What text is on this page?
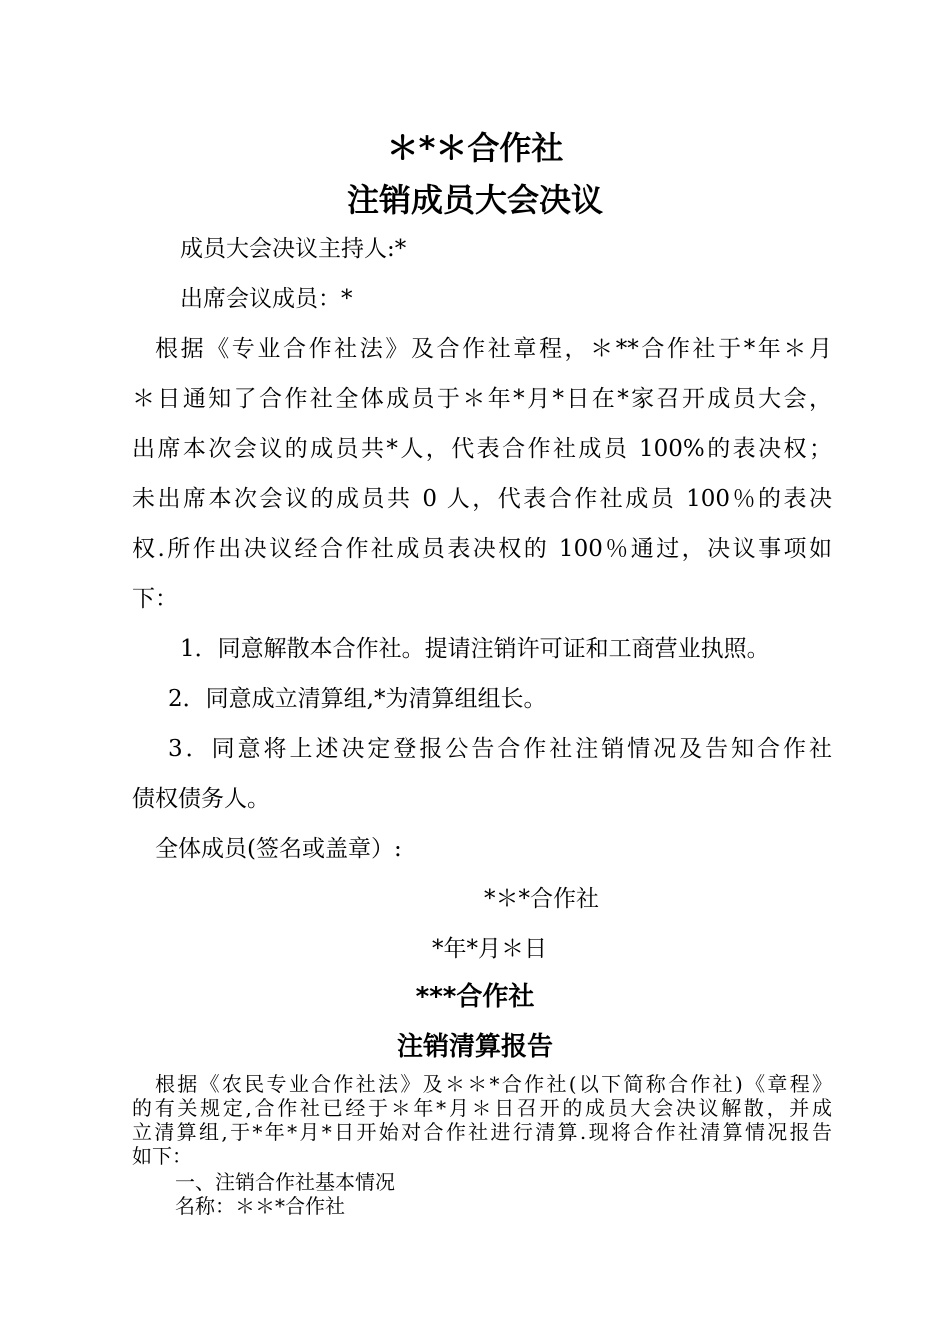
＊*＊合作社
注销成员大会决议
成员大会决议主持人:*
出席会议成员：*
根据《专业合作社法》及合作社章程，＊**合作社于*年＊月
＊日通知了合作社全体成员于＊年*月*日在*家召开成员大会，
出席本次会议的成员共*人，代表合作社成员 100%的表决权；
未出席本次会议的成员共 0 人，代表合作社成员 100％的表决
权.所作出决议经合作社成员表决权的 100％通过，决议事项如
下：
1．同意解散本合作社。提请注销许可证和工商营业执照。
2．同意成立清算组,*为清算组组长。
3．同意将上述决定登报公告合作社注销情况及告知合作社
债权债务人。
全体成员(签名或盖章）:
*＊*合作社
*年*月＊日
***合作社
注销清算报告
根据《农民专业合作社法》及＊＊*合作社(以下简称合作社)《章程》
的有关规定,合作社已经于＊年*月＊日召开的成员大会决议解散，并成
立清算组,于*年*月*日开始对合作社进行清算.现将合作社清算情况报告
如下：
一、注销合作社基本情况
名称：＊＊*合作社
